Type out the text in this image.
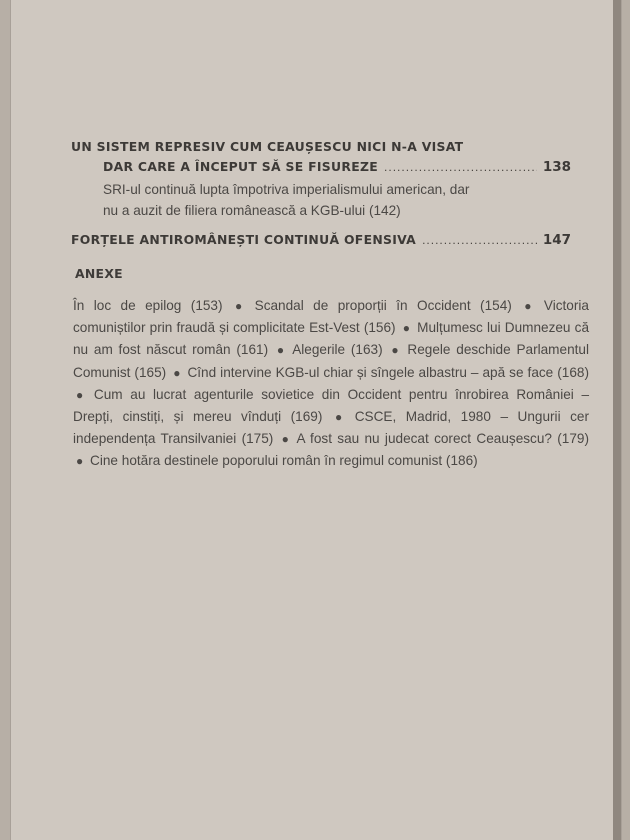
UN SISTEM REPRESIV CUM CEAUȘESCU NICI N-A VISAT
DAR CARE A ÎNCEPUT SĂ SE FISUREZE .....	138
SRI-ul continuă lupta împotriva imperialismului american, dar
nu a auzit de filiera românească a KGB-ului (142)
FORȚELE ANTIROMÂNEȘTI CONTINUĂ OFENSIVA .....	147
ANEXE
În loc de epilog (153) ● Scandal de proporții în Occident (154) ● Victoria comuniștilor prin fraudă și complicitate Est-Vest (156) ● Mulțumesc lui Dumnezeu că nu am fost născut român (161) ● Alegerile (163) ● Regele deschide Parlamentul Comunist (165) ● Cînd intervine KGB-ul chiar și sîngele albastru – apă se face (168) ● Cum au lucrat agenturile sovietice din Occident pentru înrobirea României – Drepți, cinstiți, și mereu vînduți (169) ● CSCE, Madrid, 1980 – Ungurii cer independența Transilvaniei (175) ● A fost sau nu judecat corect Ceaușescu? (179) ● Cine hotăra destinele poporului român în regimul comunist (186)
